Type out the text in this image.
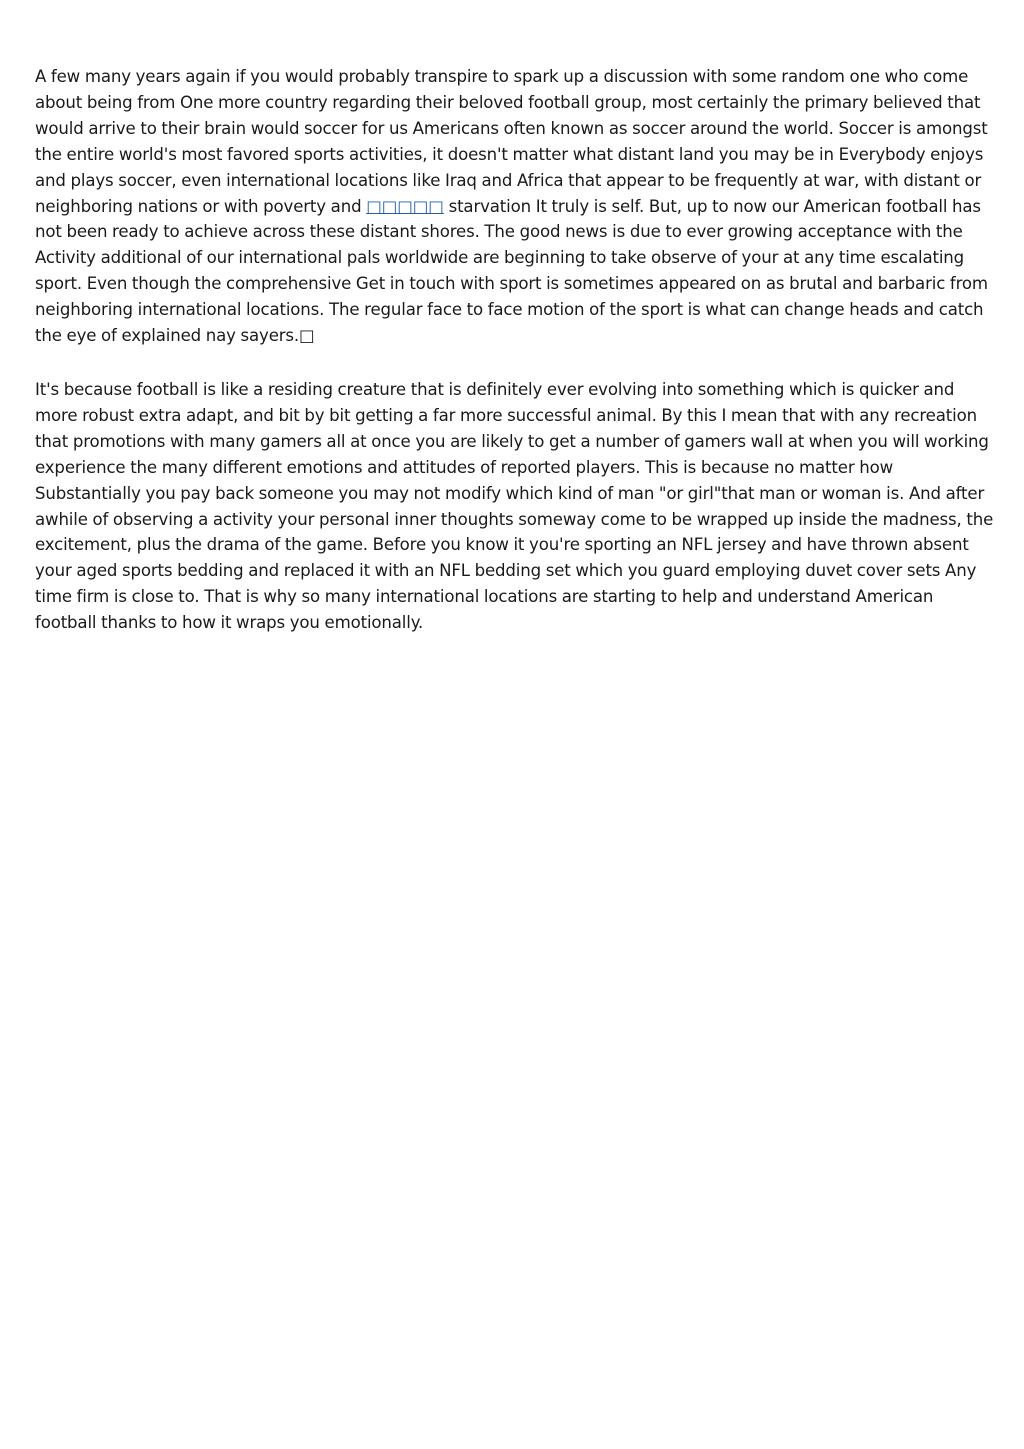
A few many years again if you would probably transpire to spark up a discussion with some random one who come about being from One more country regarding their beloved football group, most certainly the primary believed that would arrive to their brain would soccer for us Americans often known as soccer around the world. Soccer is amongst the entire world's most favored sports activities, it doesn't matter what distant land you may be in Everybody enjoys and plays soccer, even international locations like Iraq and Africa that appear to be frequently at war, with distant or neighboring nations or with poverty and □□□□□ starvation It truly is self. But, up to now our American football has not been ready to achieve across these distant shores. The good news is due to ever growing acceptance with the Activity additional of our international pals worldwide are beginning to take observe of your at any time escalating sport. Even though the comprehensive Get in touch with sport is sometimes appeared on as brutal and barbaric from neighboring international locations. The regular face to face motion of the sport is what can change heads and catch the eye of explained nay sayers.□

It's because football is like a residing creature that is definitely ever evolving into something which is quicker and more robust extra adapt, and bit by bit getting a far more successful animal. By this I mean that with any recreation that promotions with many gamers all at once you are likely to get a number of gamers wall at when you will working experience the many different emotions and attitudes of reported players. This is because no matter how Substantially you pay back someone you may not modify which kind of man "or girl"that man or woman is. And after awhile of observing a activity your personal inner thoughts someway come to be wrapped up inside the madness, the excitement, plus the drama of the game. Before you know it you're sporting an NFL jersey and have thrown absent your aged sports bedding and replaced it with an NFL bedding set which you guard employing duvet cover sets Any time firm is close to. That is why so many international locations are starting to help and understand American football thanks to how it wraps you emotionally.
